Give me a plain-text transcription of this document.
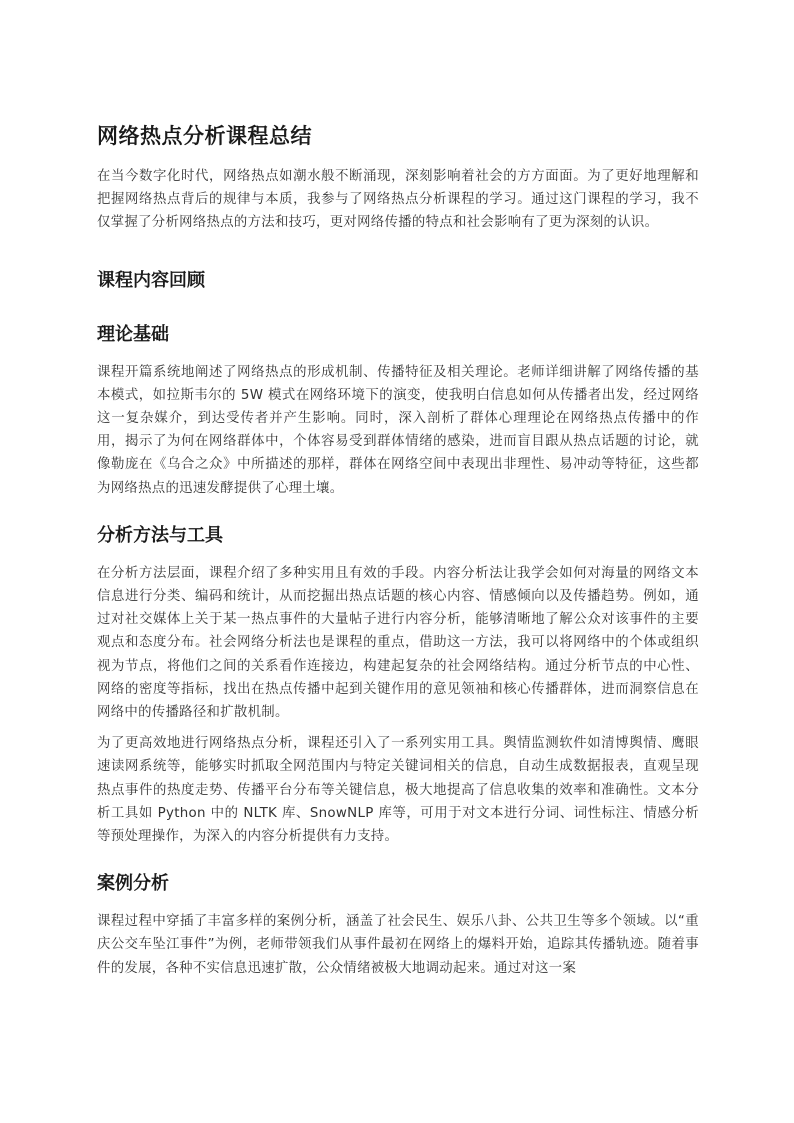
网络热点分析课程总结

在当今数字化时代，网络热点如潮水般不断涌现，深刻影响着社会的方方面面。为了更好地理解和把握网络热点背后的规律与本质，我参与了网络热点分析课程的学习。通过这门课程的学习，我不仅掌握了分析网络热点的方法和技巧，更对网络传播的特点和社会影响有了更为深刻的认识。

课程内容回顾
理论基础

课程开篇系统地阐述了网络热点的形成机制、传播特征及相关理论。老师详细讲解了网络传播的基本模式，如拉斯韦尔的 5W 模式在网络环境下的演变，使我明白信息如何从传播者出发，经过网络这一复杂媒介，到达受传者并产生影响。同时，深入剖析了群体心理理论在网络热点传播中的作用，揭示了为何在网络群体中，个体容易受到群体情绪的感染，进而盲目跟从热点话题的讨论，就像勒庞在《乌合之众》中所描述的那样，群体在网络空间中表现出非理性、易冲动等特征，这些都为网络热点的迅速发酵提供了心理土壤。

分析方法与工具

在分析方法层面，课程介绍了多种实用且有效的手段。内容分析法让我学会如何对海量的网络文本信息进行分类、编码和统计，从而挖掘出热点话题的核心内容、情感倾向以及传播趋势。例如，通过对社交媒体上关于某一热点事件的大量帖子进行内容分析，能够清晰地了解公众对该事件的主要观点和态度分布。社会网络分析法也是课程的重点，借助这一方法，我可以将网络中的个体或组织视为节点，将他们之间的关系看作连接边，构建起复杂的社会网络结构。通过分析节点的中心性、网络的密度等指标，找出在热点传播中起到关键作用的意见领袖和核心传播群体，进而洞察信息在网络中的传播路径和扩散机制。

为了更高效地进行网络热点分析，课程还引入了一系列实用工具。舆情监测软件如清博舆情、鹰眼速读网系统等，能够实时抓取全网范围内与特定关键词相关的信息，自动生成数据报表，直观呈现热点事件的热度走势、传播平台分布等关键信息，极大地提高了信息收集的效率和准确性。文本分析工具如 Python 中的 NLTK 库、SnowNLP 库等，可用于对文本进行分词、词性标注、情感分析等预处理操作，为深入的内容分析提供有力支持。

案例分析

课程过程中穿插了丰富多样的案例分析，涵盖了社会民生、娱乐八卦、公共卫生等多个领域。以“重庆公交车坠江事件”为例，老师带领我们从事件最初在网络上的爆料开始，追踪其传播轨迹。随着事件的发展，各种不实信息迅速扩散，公众情绪被极大地调动起来。通过对这一案
